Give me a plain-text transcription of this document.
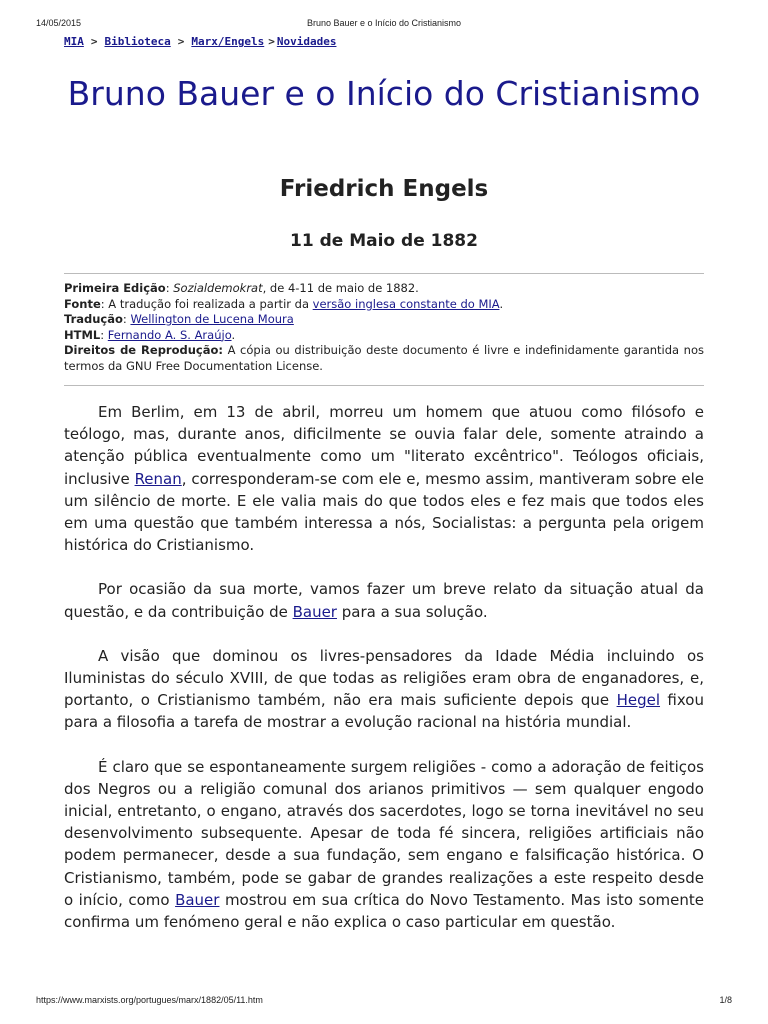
14/05/2015	Bruno Bauer e o Início do Cristianismo
MIA > Biblioteca > Marx/Engels > Novidades
Bruno Bauer e o Início do Cristianismo
Friedrich Engels
11 de Maio de 1882

Primeira Edição: Sozialdemokrat, de 4-11 de maio de 1882.

Fonte: A tradução foi realizada a partir da versão inglesa constante do MIA.

Tradução: Wellington de Lucena Moura

HTML: Fernando A. S. Araújo.

Direitos de Reprodução: A cópia ou distribuição deste documento é livre e indefinidamente garantida nos termos da GNU Free Documentation License.

Em Berlim, em 13 de abril, morreu um homem que atuou como filósofo e teólogo, mas, durante anos, dificilmente se ouvia falar dele, somente atraindo a atenção pública eventualmente como um "literato excêntrico". Teólogos oficiais, inclusive Renan, corresponderam-se com ele e, mesmo assim, mantiveram sobre ele um silêncio de morte. E ele valia mais do que todos eles e fez mais que todos eles em uma questão que também interessa a nós, Socialistas: a pergunta pela origem histórica do Cristianismo.

Por ocasião da sua morte, vamos fazer um breve relato da situação atual da questão, e da contribuição de Bauer para a sua solução.

A visão que dominou os livres-pensadores da Idade Média incluindo os Iluministas do século XVIII, de que todas as religiões eram obra de enganadores, e, portanto, o Cristianismo também, não era mais suficiente depois que Hegel fixou para a filosofia a tarefa de mostrar a evolução racional na história mundial.

É claro que se espontaneamente surgem religiões - como a adoração de feitiços dos Negros ou a religião comunal dos arianos primitivos — sem qualquer engodo inicial, entretanto, o engano, através dos sacerdotes, logo se torna inevitável no seu desenvolvimento subsequente. Apesar de toda fé sincera, religiões artificiais não podem permanecer, desde a sua fundação, sem engano e falsificação histórica. O Cristianismo, também, pode se gabar de grandes realizações a este respeito desde o início, como Bauer mostrou em sua crítica do Novo Testamento. Mas isto somente confirma um fenómeno geral e não explica o caso particular em questão.

https://www.marxists.org/portugues/marx/1882/05/11.htm	1/8
